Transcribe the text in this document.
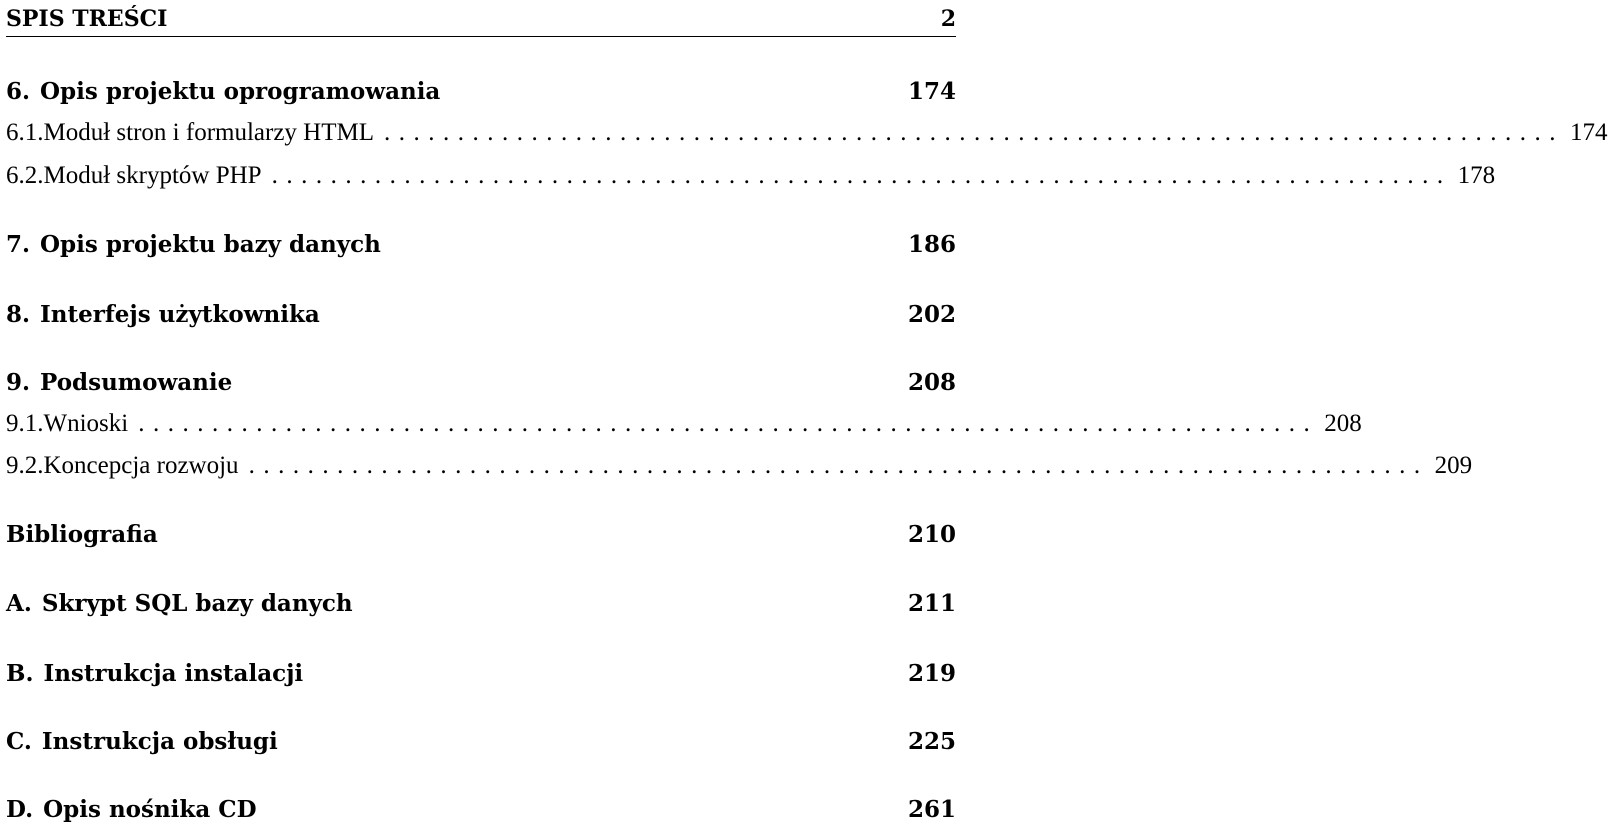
SPIS TREŚCI	2
6. Opis projektu oprogramowania	174
6.1. Moduł stron i formularzy HTML ................................................................................ 174
6.2. Moduł skryptów PHP ................................................................................ 178
7. Opis projektu bazy danych	186
8. Interfejs użytkownika	202
9. Podsumowanie	208
9.1. Wnioski ................................................................................ 208
9.2. Koncepcja rozwoju ................................................................................ 209
Bibliografia	210
A. Skrypt SQL bazy danych	211
B. Instrukcja instalacji	219
C. Instrukcja obsługi	225
D. Opis nośnika CD	261
